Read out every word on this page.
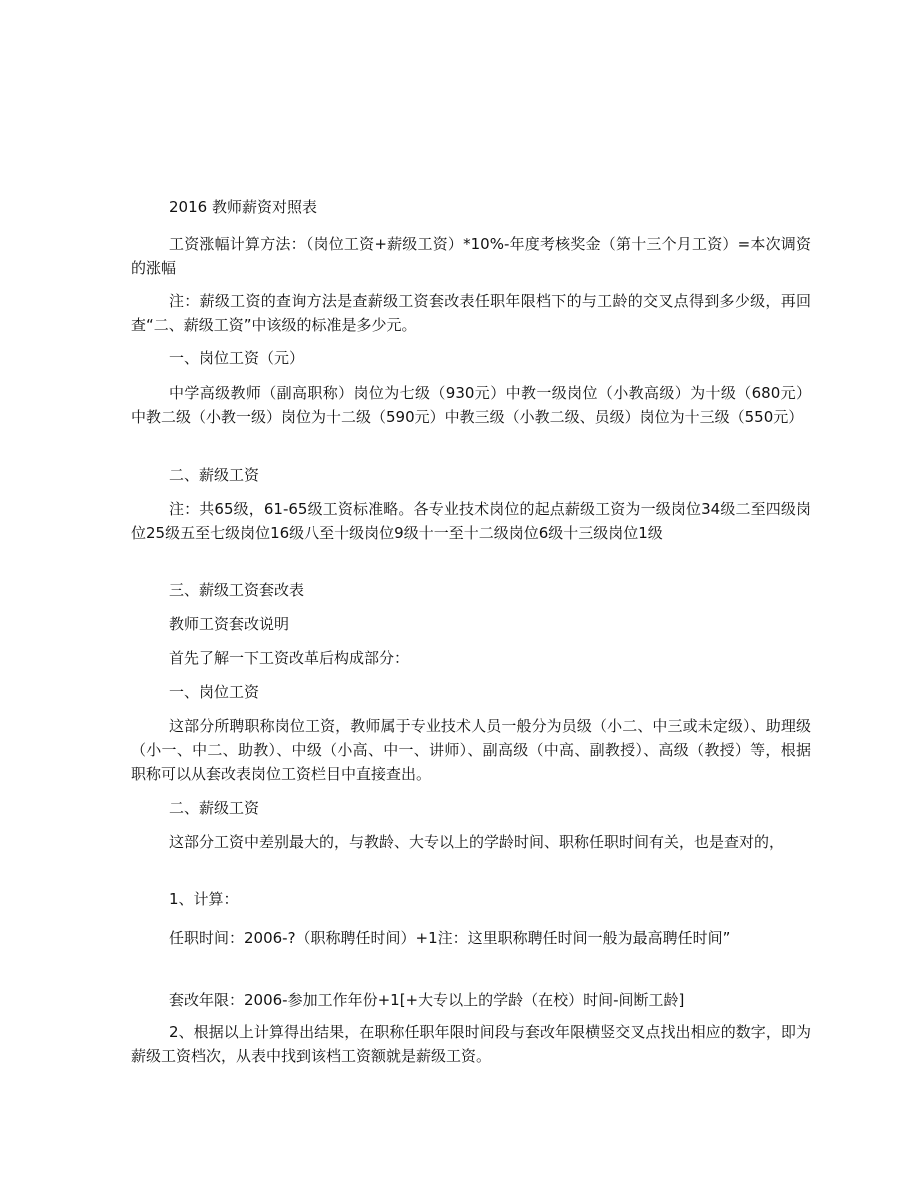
2016 教师薪资对照表

工资涨幅计算方法：（岗位工资+薪级工资）*10%-年度考核奖金（第十三个月工资）=本次调资的涨幅

注：薪级工资的查询方法是查薪级工资套改表任职年限档下的与工龄的交叉点得到多少级，再回查“二、薪级工资”中该级的标准是多少元。

一、岗位工资（元）

中学高级教师（副高职称）岗位为七级（930元）中教一级岗位（小教高级）为十级（680元）中教二级（小教一级）岗位为十二级（590元）中教三级（小教二级、员级）岗位为十三级（550元）

二、薪级工资

注：共65级，61-65级工资标准略。各专业技术岗位的起点薪级工资为一级岗位34级二至四级岗位25级五至七级岗位16级八至十级岗位9级十一至十二级岗位6级十三级岗位1级

三、薪级工资套改表

教师工资套改说明

首先了解一下工资改革后构成部分：

一、岗位工资

这部分所聘职称岗位工资，教师属于专业技术人员一般分为员级（小二、中三或未定级）、助理级（小一、中二、助教）、中级（小高、中一、讲师）、副高级（中高、副教授）、高级（教授）等，根据职称可以从套改表岗位工资栏目中直接查出。

二、薪级工资

这部分工资中差别最大的，与教龄、大专以上的学龄时间、职称任职时间有关，也是查对的，

1、计算：

任职时间：2006-?（职称聘任时间）+1注：这里职称聘任时间一般为最高聘任时间”

套改年限：2006-参加工作年份+1[+大专以上的学龄（在校）时间-间断工龄]

2、根据以上计算得出结果，在职称任职年限时间段与套改年限横竖交叉点找出相应的数字，即为薪级工资档次，从表中找到该档工资额就是薪级工资。
